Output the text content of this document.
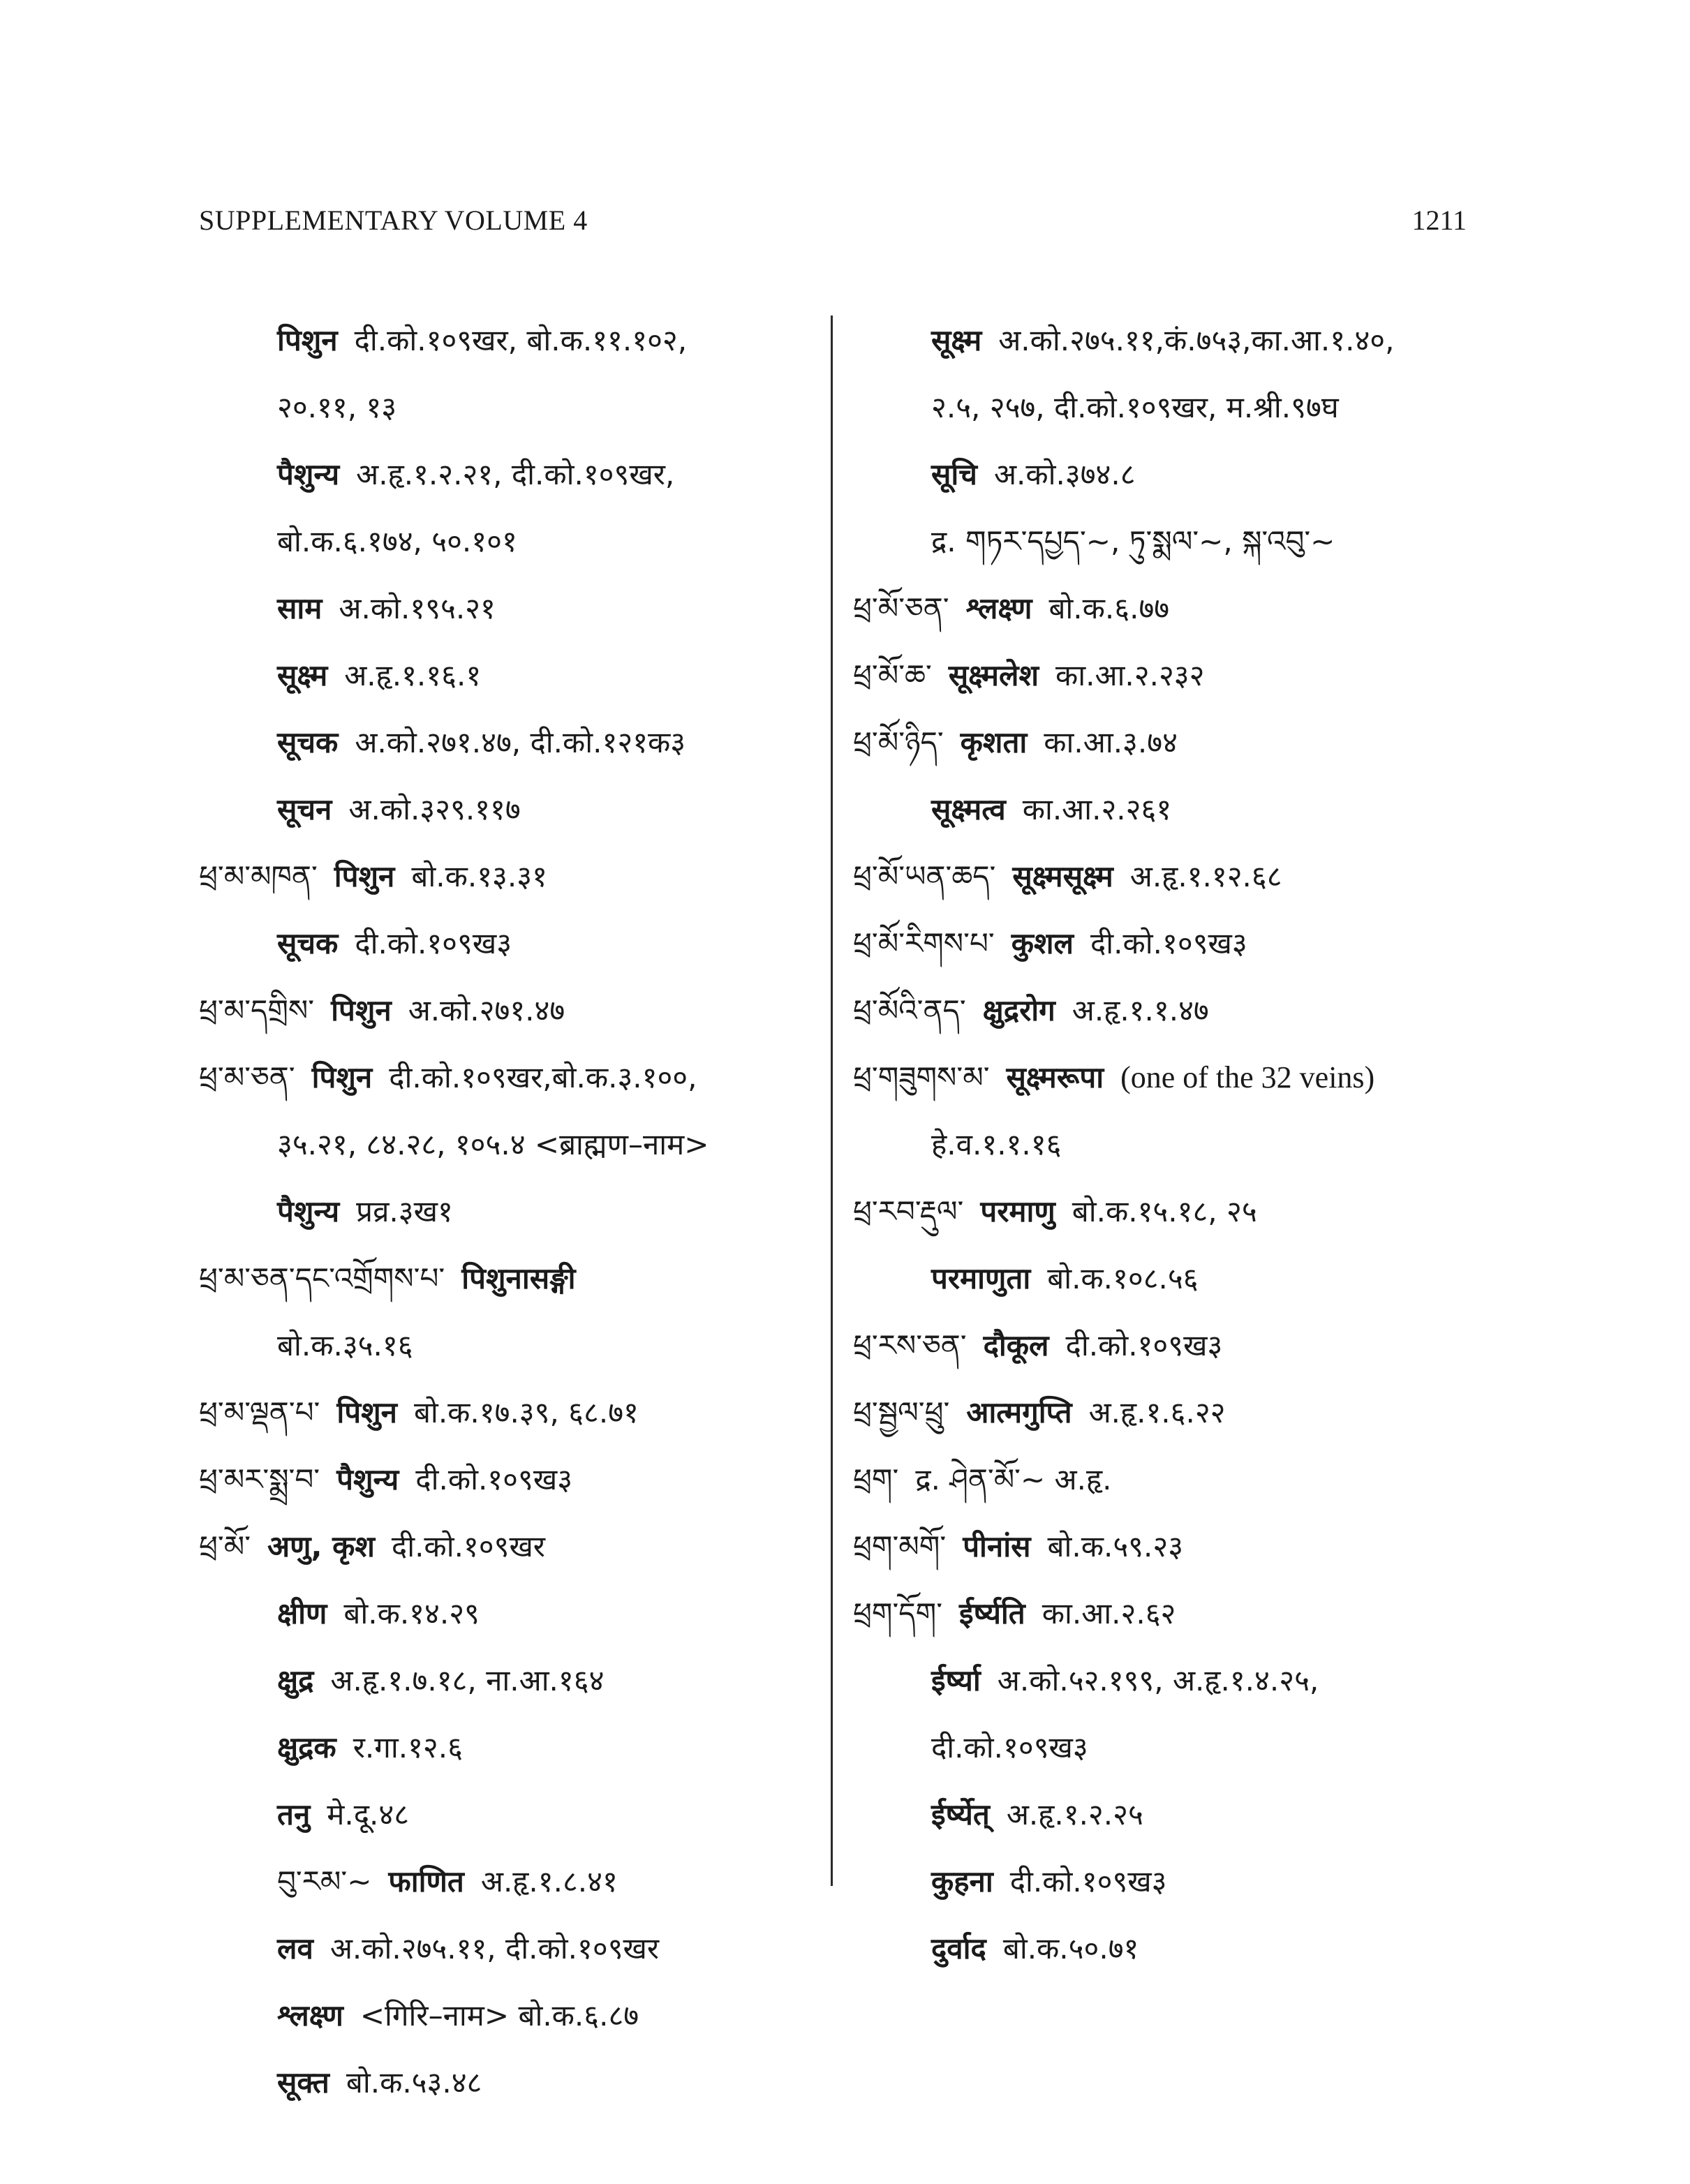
SUPPLEMENTARY VOLUME 4	1211
पिशुन दी.को.१०९खर, बो.क.११.१०२,
२०.११, १३
पैशुन्य अ.हृ.१.२.२१, दी.को.१०९खर,
बो.क.६.१७४, ५०.१०१
साम अ.को.१९५.२१
सूक्ष्म अ.हृ.१.१६.१
सूचक अ.को.२७१.४७, दी.को.१२१क३
सूचन अ.को.३२९.११७
ཕྲ་མ་མཁན་ पिशुन बो.क.१३.३१
सूचक दी.को.१०९ख३
ཕྲ་མ་དགྲིས་ पिशुन अ.को.२७१.४७
ཕྲ་མ་ཅན་ पिशुन दी.को.१०९खर,बो.क.३.१००,
३५.२१, ८४.२८, १०५.४ <ब्राह्मण–नाम>
पैशुन्य प्रव्र.३ख१
ཕྲ་མ་ཅན་དང་འགྲོགས་པ་ पिशुनासङ्गी
बो.क.३५.१६
ཕྲ་མ་ལྡན་པ་ पिशुन बो.क.१७.३९, ६८.७१
ཕྲ་མར་སྨྲ་བ་ पैशुन्य दी.को.१०९ख३
ཕྲ་མོ་ अणु, कृश दी.को.१०९खर
क्षीण बो.क.१४.२९
क्षुद्र अ.हृ.१.७.१८, ना.आ.१६४
क्षुद्रक र.गा.१२.६
तनु मे.दू.४८
བུ་རམ་~ फाणित अ.हृ.१.८.४१
लव अ.को.२७५.११, दी.को.१०९खर
श्लक्ष्ण <गिरि–नाम> बो.क.६.८७
सूक्त बो.क.५३.४८
सूक्ष्म अ.को.२७५.११,कं.७५३,का.आ.१.४०,
२.५, २५७, दी.को.१०९खर, म.श्री.९७घ
सूचि अ.को.३७४.८
द्र. གཏར་དཔྱད་~, ཏུ་སྨལ་~, སྐ་འབུ་~
ཕྲ་མོ་ཅན་ श्लक्ष्ण बो.क.६.७७
ཕྲ་མོ་ཆ་ सूक्ष्मलेश का.आ.२.२३२
ཕྲ་མོ་ཉིད་ कृशता का.आ.३.७४
सूक्ष्मत्व का.आ.२.२६१
ཕྲ་མོ་ཡན་ཆད་ सूक्ष्मसूक्ष्म अ.हृ.१.१२.६८
ཕྲ་མོ་རིགས་པ་ कुशल दी.को.१०९ख३
ཕྲ་མོའི་ནད་ क्षुद्ररोग अ.हृ.१.१.४७
ཕྲ་གཟུགས་མ་ सूक्ष्मरूपा (one of the 32 veins)
हे.व.१.१.१६
ཕྲ་རབ་རྡུལ་ परमाणु बो.क.१५.१८, २५
परमाणुता बो.क.१०८.५६
ཕྲ་རས་ཅན་ दौकूल दी.को.१०९ख३
ཕྲ་སྦྱལ་ཕྲུ་ आत्मगुप्ति अ.हृ.१.६.२२
ཕྲག་ द्र. ཤེན་མོ་~ अ.हृ.
ཕྲག་མགོ་ पीनांस बो.क.५९.२३
ཕྲག་དོག་ ईर्ष्यति का.आ.२.६२
ईर्ष्या अ.को.५२.१९९, अ.हृ.१.४.२५,
दी.को.१०९ख३
ईर्ष्येत् अ.हृ.१.२.२५
कुहना दी.को.१०९ख३
दुर्वाद बो.क.५०.७१
